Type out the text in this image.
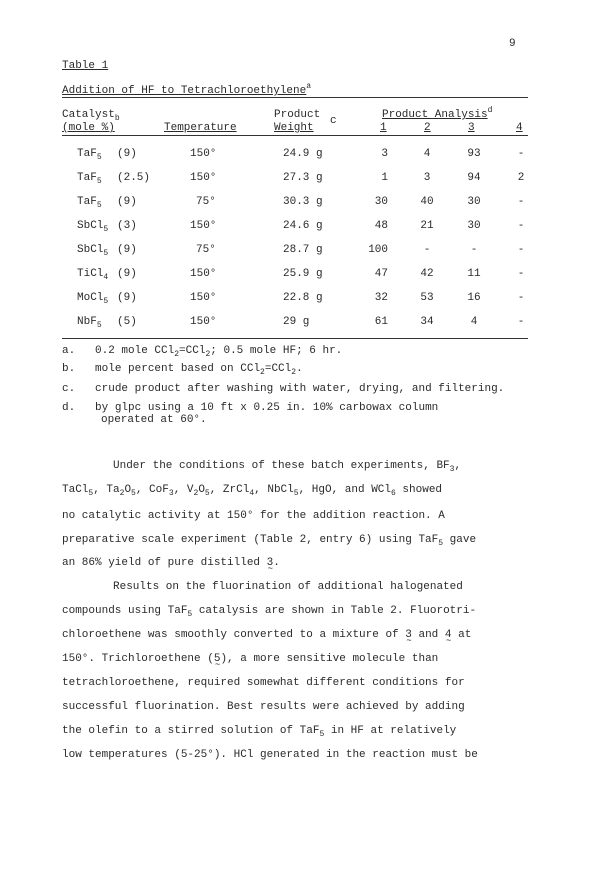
9
Table 1
Addition of HF to Tetrachloroethylene$^a$
Catalyst$_b$
(mole %)	Temperature
Product
Weight
c	Product Analysis$^d$
1	2	3	4
TaF$_5$ (9)	150°	24.9 g	3	4	93	-
TaF$_5$ (2.5)	150°	27.3 g	1	3	94	2
TaF$_5$ (9)	75°	30.3 g	30	40	30	-
SbCl$_5$ (3)	150°	24.6 g	48	21	30	-
SbCl$_5$ (9)	75°	28.7 g	100	-	-	-
TiCl$_4$ (9)	150°	25.9 g	47	42	11	-
MoCl$_5$ (9)	150°	22.8 g	32	53	16	-
NbF$_5$ (5)	150°	29 g	61	34	4	-
a. 0.2 mole CCl$_2$=CCl$_2$; 0.5 mole HF; 6 hr.
b. mole percent based on CCl$_2$=CCl$_2$.
c. crude product after washing with water, drying, and filtering.
d. by glpc using a 10 ft x 0.25 in. 10% carbowax column
operated at 60°.
Under the conditions of these batch experiments, $BF_3$,
TaCl$_5$, $Ta_2O_5$, CoF$_3$, $V_2O_5$, ZrCl$_4$, NbCl$_5$, HgO, and WCl$_6$ showed
no catalytic activity at 150° for the addition reaction. A
preparative scale experiment (Table 2, entry 6) using TaF$_5$ gave
an 86% yield of pure distilled 3 ~.
Results on the fluorination of additional halogenated
compounds using TaF$_5$ catalysis are shown in Table 2. Fluorotri-
chloroethene was smoothly converted to a mixture of 3 ~ and 4 ~ at
150°. Trichloroethene (5 ~), a more sensitive molecule than
tetrachloroethene, required somewhat different conditions for
successful fluorination. Best results were achieved by adding
the olefin to a stirred solution of TaF$_5$ in HF at relatively
low temperatures (5-25°). HCl generated in the reaction must be
